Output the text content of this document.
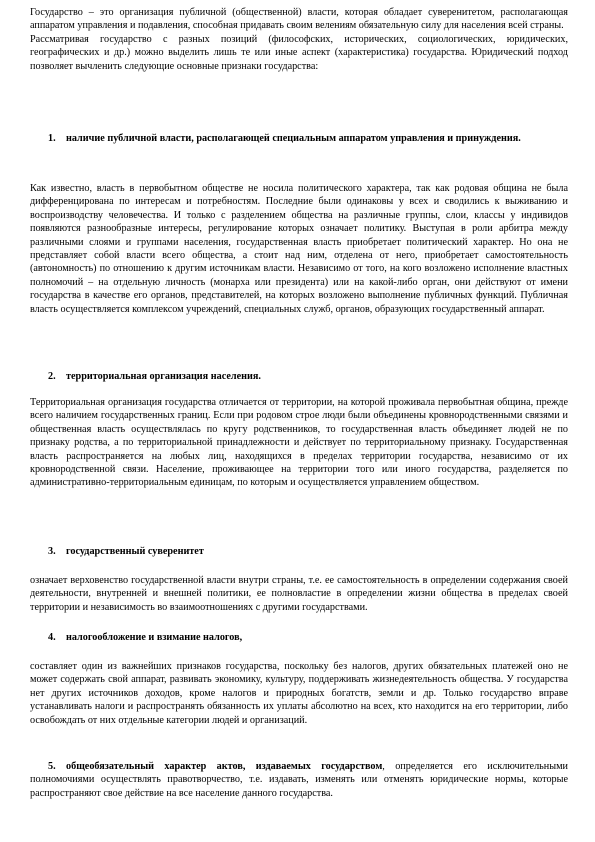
Государство – это организация публичной (общественной) власти, которая обладает суверенитетом, располагающая аппаратом управления и подавления, способная придавать своим велениям обязательную силу для населения всей страны.

Рассматривая государство с разных позиций (философских, исторических, социологических, юридических, географических и др.) можно выделить лишь те или иные аспект (характеристика) государства. Юридический подход позволяет вычленить следующие основные признаки государства:

1.	наличие публичной власти, располагающей специальным аппаратом управления и принуждения.

Как известно, власть в первобытном обществе не носила политического характера, так как родовая община не была дифференцирована по интересам и потребностям. Последние были одинаковы у всех и сводились к выживанию и воспроизводству человечества. И только с разделением общества на различные группы, слои, классы у индивидов появляются разнообразные интересы, регулирование которых означает политику. Выступая в роли арбитра между различными слоями и группами населения, государственная власть приобретает политический характер. Но она не представляет собой власти всего общества, а стоит над ним, отделена от него, приобретает самостоятельность (автономность) по отношению к другим источникам власти. Независимо от того, на кого возложено исполнение властных полномочий – на отдельную личность (монарха или президента) или на какой-либо орган, они действуют от имени государства в качестве его органов, представителей, на которых возложено выполнение публичных функций. Публичная власть осуществляется комплексом учреждений, специальных служб, органов, образующих государственный аппарат.

2.	территориальная организация населения.

Территориальная организация государства отличается от территории, на которой проживала первобытная община, прежде всего наличием государственных границ. Если при родовом строе люди были объединены кровнородственными связями и общественная власть осуществлялась по кругу родственников, то государственная власть объединяет людей не по признаку родства, а по территориальной принадлежности и действует по территориальному признаку. Государственная власть распространяется на любых лиц, находящихся в пределах территории государства, независимо от их кровнородственной связи. Население, проживающее на территории того или иного государства, разделяется по административно-территориальным единицам, по которым и осуществляется управлением обществом.

3.	государственный суверенитет

означает верховенство государственной власти внутри страны, т.е. ее самостоятельность в определении содержания своей деятельности, внутренней и внешней политики, ее полновластие в определении жизни общества в пределах своей территории и независимость во взаимоотношениях с другими государствами.

4.	налогообложение и взимание налогов,

составляет один из важнейших признаков государства, поскольку без налогов, других обязательных платежей оно не может содержать свой аппарат, развивать экономику, культуру, поддерживать жизнедеятельность общества. У государства нет других источников доходов, кроме налогов и природных богатств, земли и др. Только государство вправе устанавливать налоги и распространять обязанность их уплаты абсолютно на всех, кто находится на его территории, либо освобождать от них отдельные категории людей и организаций.

5. общеобязательный характер актов, издаваемых государством, определяется его исключительными полномочиями осуществлять правотворчество, т.е. издавать, изменять или отменять юридические нормы, которые распространяют свое действие на все население данного государства.
